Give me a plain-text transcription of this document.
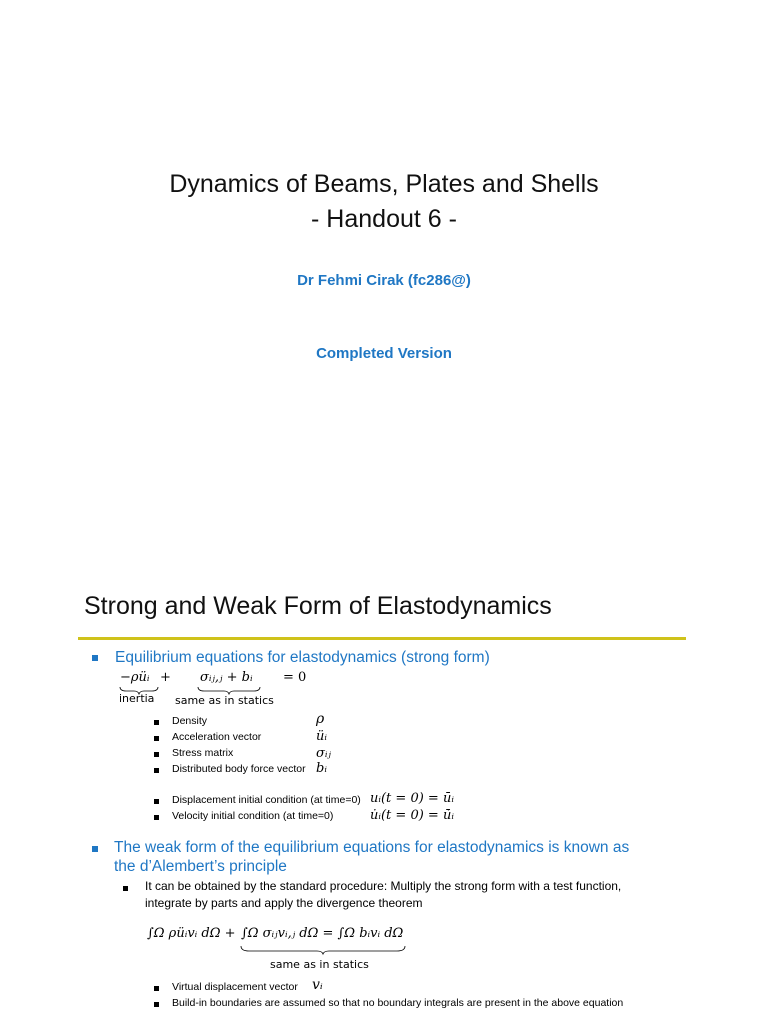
Dynamics of Beams, Plates and Shells
- Handout 6 -
Dr Fehmi Cirak (fc286@)
Completed Version
Strong and Weak Form of Elastodynamics
Equilibrium equations for elastodynamics (strong form)
−ρüᵢ + σᵢⱼ,ⱼ + bᵢ = 0
inertia same as in statics
Density	ρ
Acceleration vector	üᵢ
Stress matrix	σᵢⱼ
Distributed body force vector bᵢ
Displacement initial condition (at time=0) uᵢ(t = 0) = ūᵢ
Velocity initial condition (at time=0)	u̇ᵢ(t = 0) = ū̇ᵢ
The weak form of the equilibrium equations for elastodynamics is known as
the d’Alembert’s principle
It can be obtained by the standard procedure: Multiply the strong form with a test function,
integrate by parts and apply the divergence theorem
∫Ω ρüᵢvᵢ dΩ + ∫Ω σᵢⱼvᵢ,ⱼ dΩ = ∫Ω bᵢvᵢ dΩ
same as in statics
Virtual displacement vector vᵢ
Build-in boundaries are assumed so that no boundary integrals are present in the above equation
